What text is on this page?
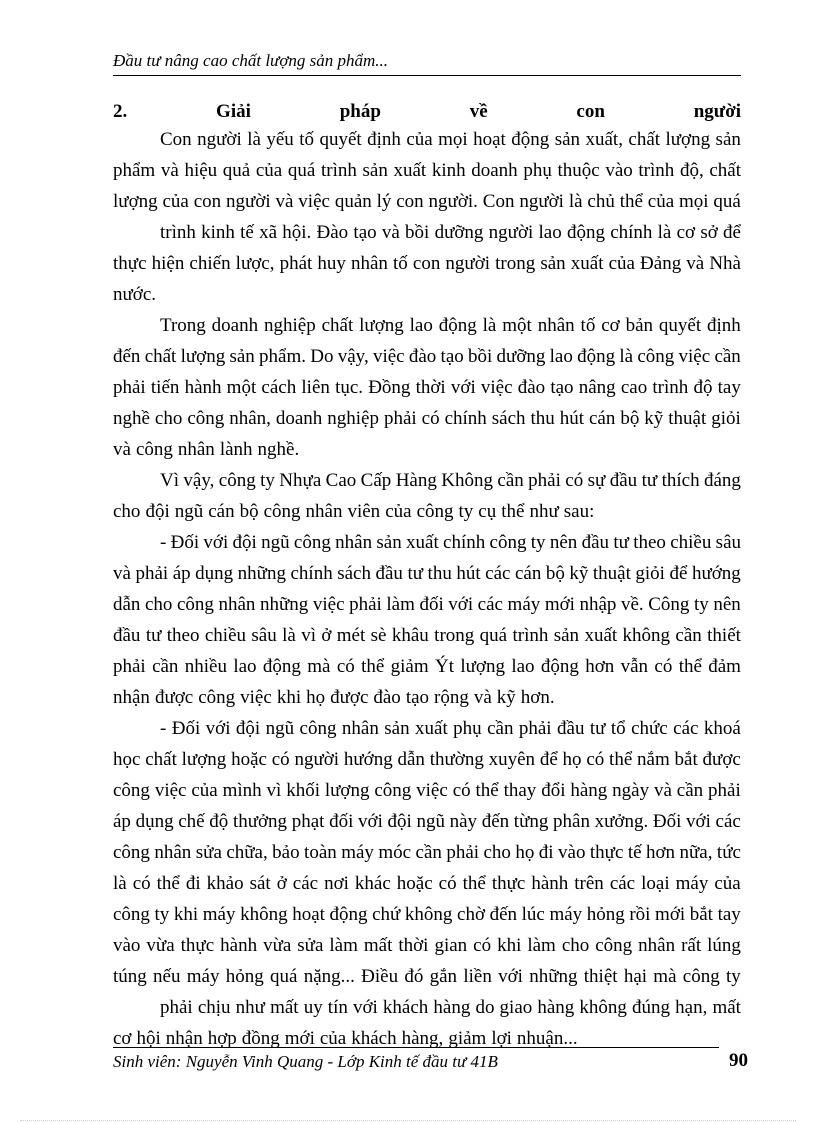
Đầu tư nâng cao chất lượng sản phẩm...
2.	Giải	pháp	về	con	người
Con người là yếu tố quyết định của mọi hoạt động sản xuất, chất lượng sản
phẩm và hiệu quả của quá trình sản xuất kinh doanh phụ thuộc vào trình độ, chất
lượng của con người và việc quản lý con người. Con người là chủ thể của mọi quá
trình kinh tế xã hội. Đào tạo và bồi dưỡng người lao động chính là cơ sở để
thực hiện chiến lược, phát huy nhân tố con người trong sản xuất của Đảng và Nhà
nước.
Trong doanh nghiệp chất lượng lao động là một nhân tố cơ bản quyết định
đến chất lượng sản phẩm. Do vậy, việc đào tạo bồi dưỡng lao động là công việc cần
phải tiến hành một cách liên tục. Đồng thời với việc đào tạo nâng cao trình độ tay
nghề cho công nhân, doanh nghiệp phải có chính sách thu hút cán bộ kỹ thuật giỏi
và công nhân lành nghề.
Vì vậy, công ty Nhựa Cao Cấp Hàng Không cần phải có sự đầu tư thích đáng
cho đội ngũ cán bộ công nhân viên của công ty cụ thể như sau:
- Đối với đội ngũ công nhân sản xuất chính công ty nên đầu tư theo chiều sâu
và phải áp dụng những chính sách đầu tư thu hút các cán bộ kỹ thuật giỏi để hướng
dẫn cho công nhân những việc phải làm đối với các máy mới nhập về. Công ty nên
đầu tư theo chiều sâu là vì ở mét sè khâu trong quá trình sản xuất không cần thiết
phải cần nhiều lao động mà có thể giảm Ýt lượng lao động hơn vẫn có thể đảm
nhận được công việc khi họ được đào tạo rộng và kỹ hơn.
- Đối với đội ngũ công nhân sản xuất phụ cần phải đầu tư tổ chức các khoá
học chất lượng hoặc có người hướng dẫn thường xuyên để họ có thể nắm bắt được
công việc của mình vì khối lượng công việc có thể thay đổi hàng ngày và cần phải
áp dụng chế độ thưởng phạt đối với đội ngũ này đến từng phân xưởng. Đối với các
công nhân sửa chữa, bảo toàn máy móc cần phải cho họ đi vào thực tế hơn nữa, tức
là có thể đi khảo sát ở các nơi khác hoặc có thể thực hành trên các loại máy của
công ty khi máy không hoạt động chứ không chờ đến lúc máy hỏng rồi mới bắt tay
vào vừa thực hành vừa sửa làm mất thời gian có khi làm cho công nhân rất lúng
túng nếu máy hỏng quá nặng... Điều đó gắn liền với những thiệt hại mà công ty
phải chịu như mất uy tín với khách hàng do giao hàng không đúng hạn, mất
cơ hội nhận hợp đồng mới của khách hàng, giảm lợi nhuận...
Sinh viên: Nguyễn Vinh Quang - Lớp Kinh tế đầu tư 41B	90
